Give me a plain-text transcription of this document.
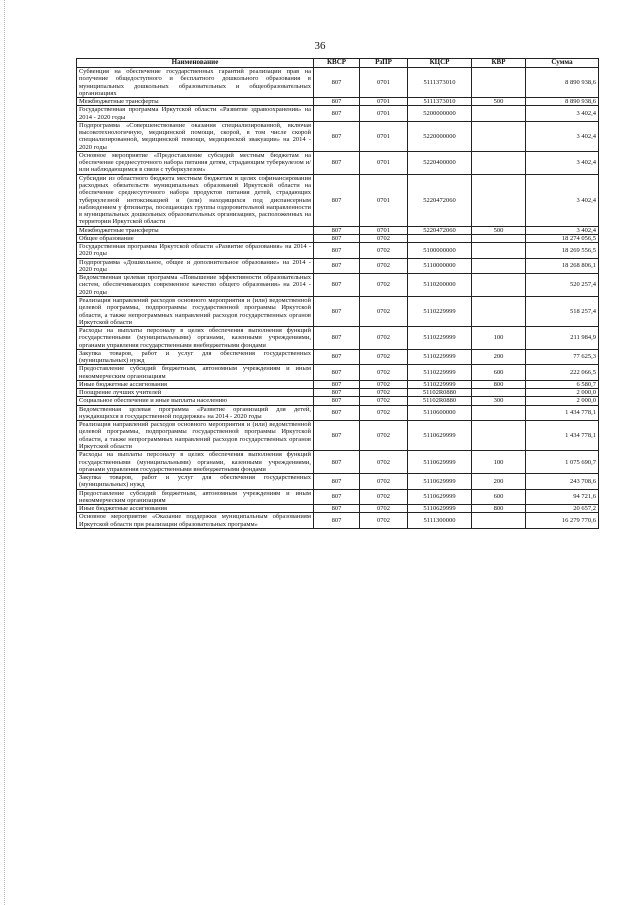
36
Наименование	КВСР	РзПР	КЦСР	КВР	Сумма
Субвенция на обеспечение государственных гарантий реализации прав на получение общедоступного и бесплатного дошкольного образования в муниципальных дошкольных образовательных и общеобразовательных организациях	807	0701	5111373010		8 890 938,6
Межбюджетные трансферты	807	0701	5111373010	500	8 890 938,6
Государственная программа Иркутской области «Развитие здравоохранения» на 2014 - 2020 годы	807	0701	5200000000		3 402,4
Подпрограмма «Совершенствование оказания специализированной, включая высокотехнологичную, медицинской помощи, скорой, в том числе скорой специализированной, медицинской помощи, медицинской эвакуации» на 2014 - 2020 годы	807	0701	5220000000		3 402,4
Основное мероприятие «Предоставление субсидий местным бюджетам на обеспечение среднесуточного набора питания детям, страдающим туберкулезом и/или наблюдающимся в связи с туберкулезом»	807	0701	5220400000		3 402,4
Субсидии из областного бюджета местным бюджетам в целях софинансирования расходных обязательств муниципальных образований Иркутской области на обеспечение среднесуточного набора продуктов питания детей, страдающих туберкулезной интоксикацией и (или) находящихся под диспансерным наблюдением у фтизиатра, посещающих группы оздоровительной направленности в муниципальных дошкольных образовательных организациях, расположенных на территории Иркутской области	807	0701	5220472060		3 402,4
Межбюджетные трансферты	807	0701	5220472060	500	3 402,4
Общее образование	807	0702			18 274 056,5
Государственная программа Иркутской области «Развитие образования» на 2014 - 2020 годы	807	0702	5100000000		18 269 556,5
Подпрограмма «Дошкольное, общее и дополнительное образование» на 2014 - 2020 годы	807	0702	5110000000		18 268 806,1
Ведомственная целевая программа «Повышение эффективности образовательных систем, обеспечивающих современное качество общего образования» на 2014 - 2020 годы	807	0702	5110200000		520 257,4
Реализация направлений расходов основного мероприятия и (или) ведомственной целевой программы, подпрограммы государственной программы Иркутской области, а также непрограммных направлений расходов государственных органов Иркутской области	807	0702	5110229999		518 257,4
Расходы на выплаты персоналу в целях обеспечения выполнения функций государственными (муниципальными) органами, казенными учреждениями, органами управления государственными внебюджетными фондами	807	0702	5110229999	100	211 984,9
Закупка товаров, работ и услуг для обеспечения государственных (муниципальных) нужд	807	0702	5110229999	200	77 625,3
Предоставление субсидий бюджетным, автономным учреждениям и иным некоммерческим организациям	807	0702	5110229999	600	222 066,5
Иные бюджетные ассигнования	807	0702	5110229999	800	6 580,7
Поощрение лучших учителей	807	0702	51102R0880		2 000,0
Социальное обеспечение и иные выплаты населению	807	0702	51102R0880	300	2 000,0
Ведомственная целевая программа «Развитие организаций для детей, нуждающихся в государственной поддержке» на 2014 - 2020 годы	807	0702	5110600000		1 434 778,1
Реализация направлений расходов основного мероприятия и (или) ведомственной целевой программы, подпрограммы государственной программы Иркутской области, а также непрограммных направлений расходов государственных органов Иркутской области	807	0702	5110629999		1 434 778,1
Расходы на выплаты персоналу в целях обеспечения выполнения функций государственными (муниципальными) органами, казенными учреждениями, органами управления государственными внебюджетными фондами	807	0702	5110629999	100	1 075 690,7
Закупка товаров, работ и услуг для обеспечения государственных (муниципальных) нужд	807	0702	5110629999	200	243 708,6
Предоставление субсидий бюджетным, автономным учреждениям и иным некоммерческим организациям	807	0702	5110629999	600	94 721,6
Иные бюджетные ассигнования	807	0702	5110629999	800	20 657,2
Основное мероприятие «Оказание поддержки муниципальным образованиям Иркутской области при реализации образовательных программ»	807	0702	5111300000		16 279 770,6
